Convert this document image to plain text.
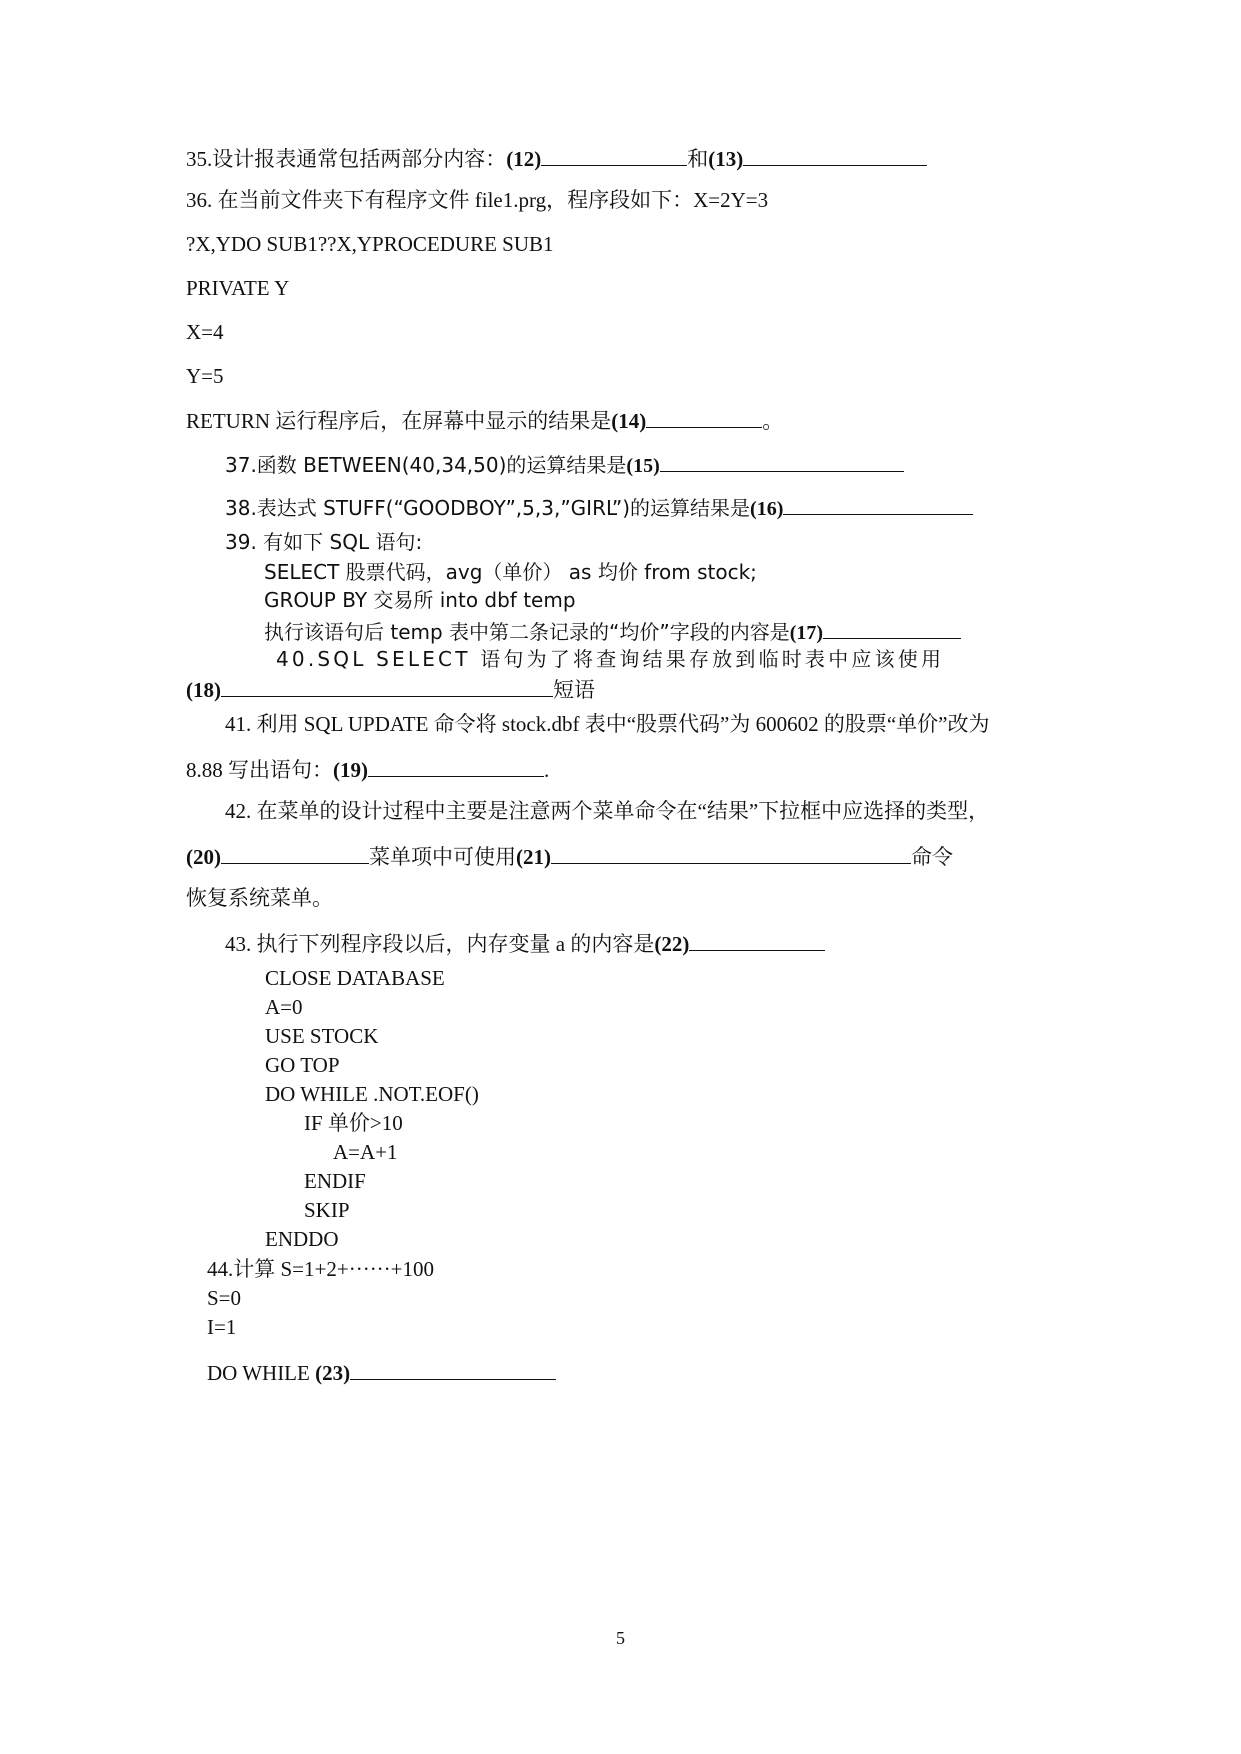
35.设计报表通常包括两部分内容：(12)	和(13)
36. 在当前文件夹下有程序文件 file1.prg，程序段如下：X=2Y=3
?X,YDO SUB1??X,YPROCEDURE SUB1
PRIVATE Y
X=4
Y=5
RETURN 运行程序后，在屏幕中显示的结果是(14)	。
37.函数 BETWEEN(40,34,50)的运算结果是(15)
38.表达式 STUFF(“GOODBOY”,5,3,”GIRL”)的运算结果是(16)
39. 有如下 SQL 语句:
SELECT 股票代码，avg（单价） as 均价 from stock;
GROUP BY 交易所 into dbf temp
执行该语句后 temp 表中第二条记录的“均价”字段的内容是(17)
40.SQL SELECT 语句为了将查询结果存放到临时表中应该使用
(18)	短语
41. 利用 SQL UPDATE 命令将 stock.dbf 表中“股票代码”为 600602 的股票“单价”改为
8.88 写出语句：(19)	.
42. 在菜单的设计过程中主要是注意两个菜单命令在“结果”下拉框中应选择的类型，
(20)	菜单项中可使用(21)	命令
恢复系统菜单。
43. 执行下列程序段以后，内存变量 a 的内容是(22)
CLOSE DATABASE
A=0
USE STOCK
GO TOP
DO WHILE .NOT.EOF()
IF 单价>10
A=A+1
ENDIF
SKIP
ENDDO
44.计算 S=1+2+······+100
S=0
I=1
DO WHILE (23)
5
